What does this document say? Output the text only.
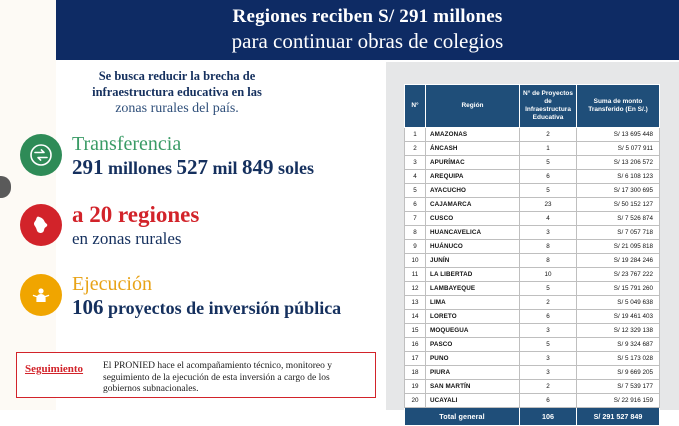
Regiones reciben S/ 291 millones
para continuar obras de colegios
Se busca reducir la brecha de
infraestructura educativa en las
zonas rurales del país.
Transferencia
291 millones 527 mil 849 soles
a 20 regiones
en zonas rurales
Ejecución
106 proyectos de inversión pública
Seguimiento	El PRONIED hace el acompañamiento técnico, monitoreo y seguimiento de la ejecución de esta inversión a cargo de los gobiernos subnacionales.
N°	Región	N° de Proyectos de Infraestructura Educativa	Suma de monto Transferido (En S/.)
1	AMAZONAS	2	S/ 13 695 448
2	ÁNCASH	1	S/ 5 077 911
3	APURÍMAC	5	S/ 13 206 572
4	AREQUIPA	6	S/ 6 108 123
5	AYACUCHO	5	S/ 17 300 695
6	CAJAMARCA	23	S/ 50 152 127
7	CUSCO	4	S/ 7 526 874
8	HUANCAVELICA	3	S/ 7 057 718
9	HUÁNUCO	8	S/ 21 095 818
10	JUNÍN	8	S/ 19 284 246
11	LA LIBERTAD	10	S/ 23 767 222
12	LAMBAYEQUE	5	S/ 15 791 260
13	LIMA	2	S/ 5 049 638
14	LORETO	6	S/ 19 461 403
15	MOQUEGUA	3	S/ 12 329 138
16	PASCO	5	S/ 9 324 687
17	PUNO	3	S/ 5 173 028
18	PIURA	3	S/ 9 669 205
19	SAN MARTÍN	2	S/ 7 539 177
20	UCAYALI	6	S/ 22 916 159
Total general		106	S/ 291 527 849
